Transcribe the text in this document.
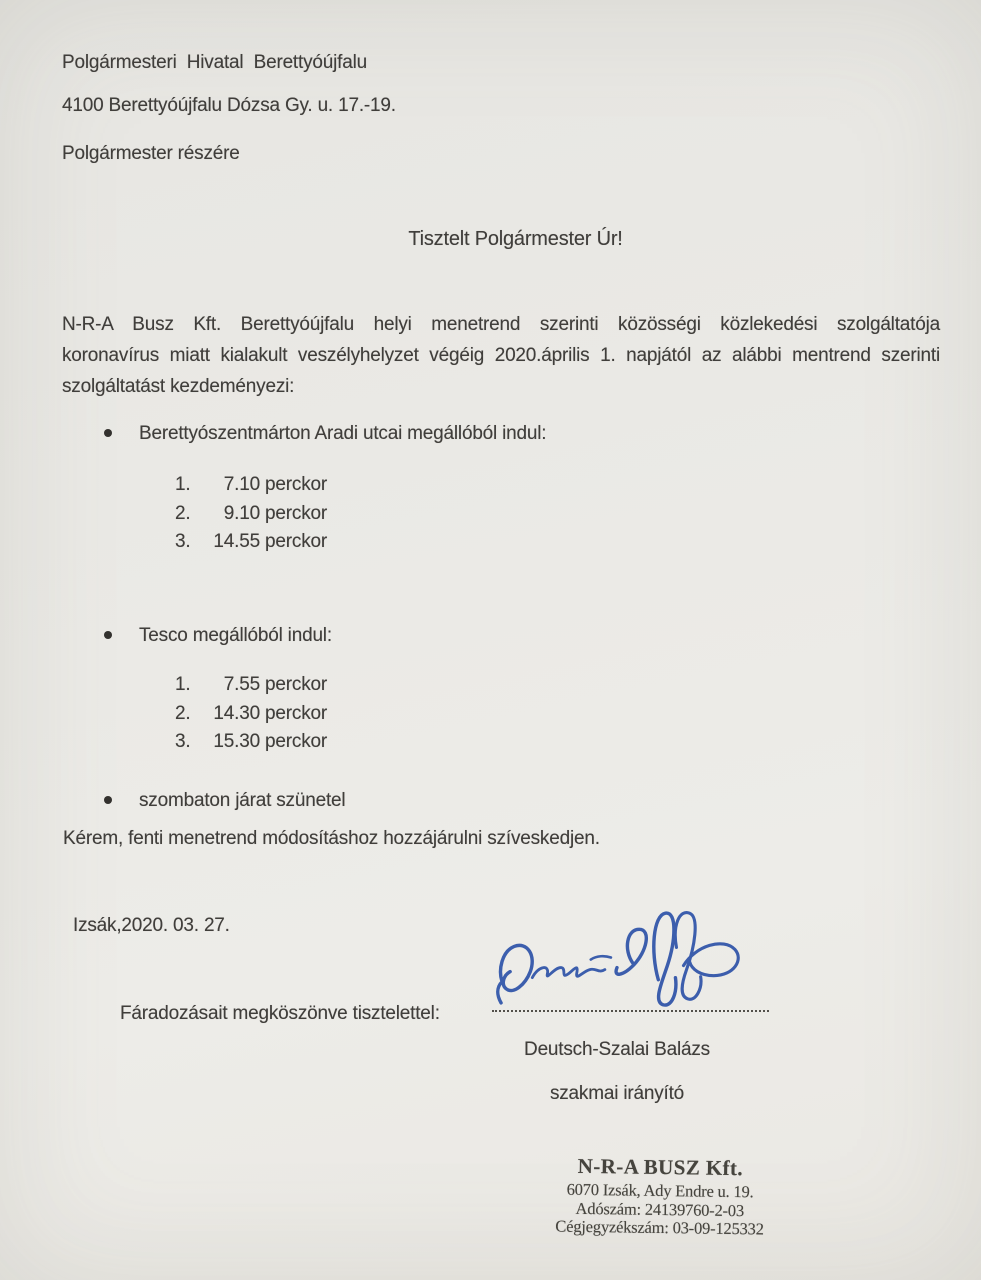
Polgármesteri  Hivatal  Berettyóújfalu
4100 Berettyóújfalu Dózsa Gy. u. 17.-19.
Polgármester részére
Tisztelt Polgármester Úr!

N-R-A Busz Kft. Berettyóújfalu helyi menetrend szerinti közösségi közlekedési szolgáltatója

koronavírus miatt kialakult veszélyhelyzet végéig 2020.április 1. napjától az alábbi mentrend szerinti

szolgáltatást kezdeményezi:

Berettyószentmárton Aradi utcai megállóból indul:
1.	7.10 perckor
2.	9.10 perckor
3.	14.55 perckor
Tesco megállóból indul:
1.	7.55 perckor
2.	14.30 perckor
3.	15.30 perckor
szombaton járat szünetel
Kérem, fenti menetrend módosításhoz hozzájárulni szíveskedjen.
Izsák,2020. 03. 27.
Fáradozásait megköszönve tisztelettel:
Deutsch-Szalai Balázs
szakmai irányító

N-R-A BUSZ Kft.

6070 Izsák, Ady Endre u. 19.

Adószám: 24139760-2-03

Cégjegyzékszám: 03-09-125332
